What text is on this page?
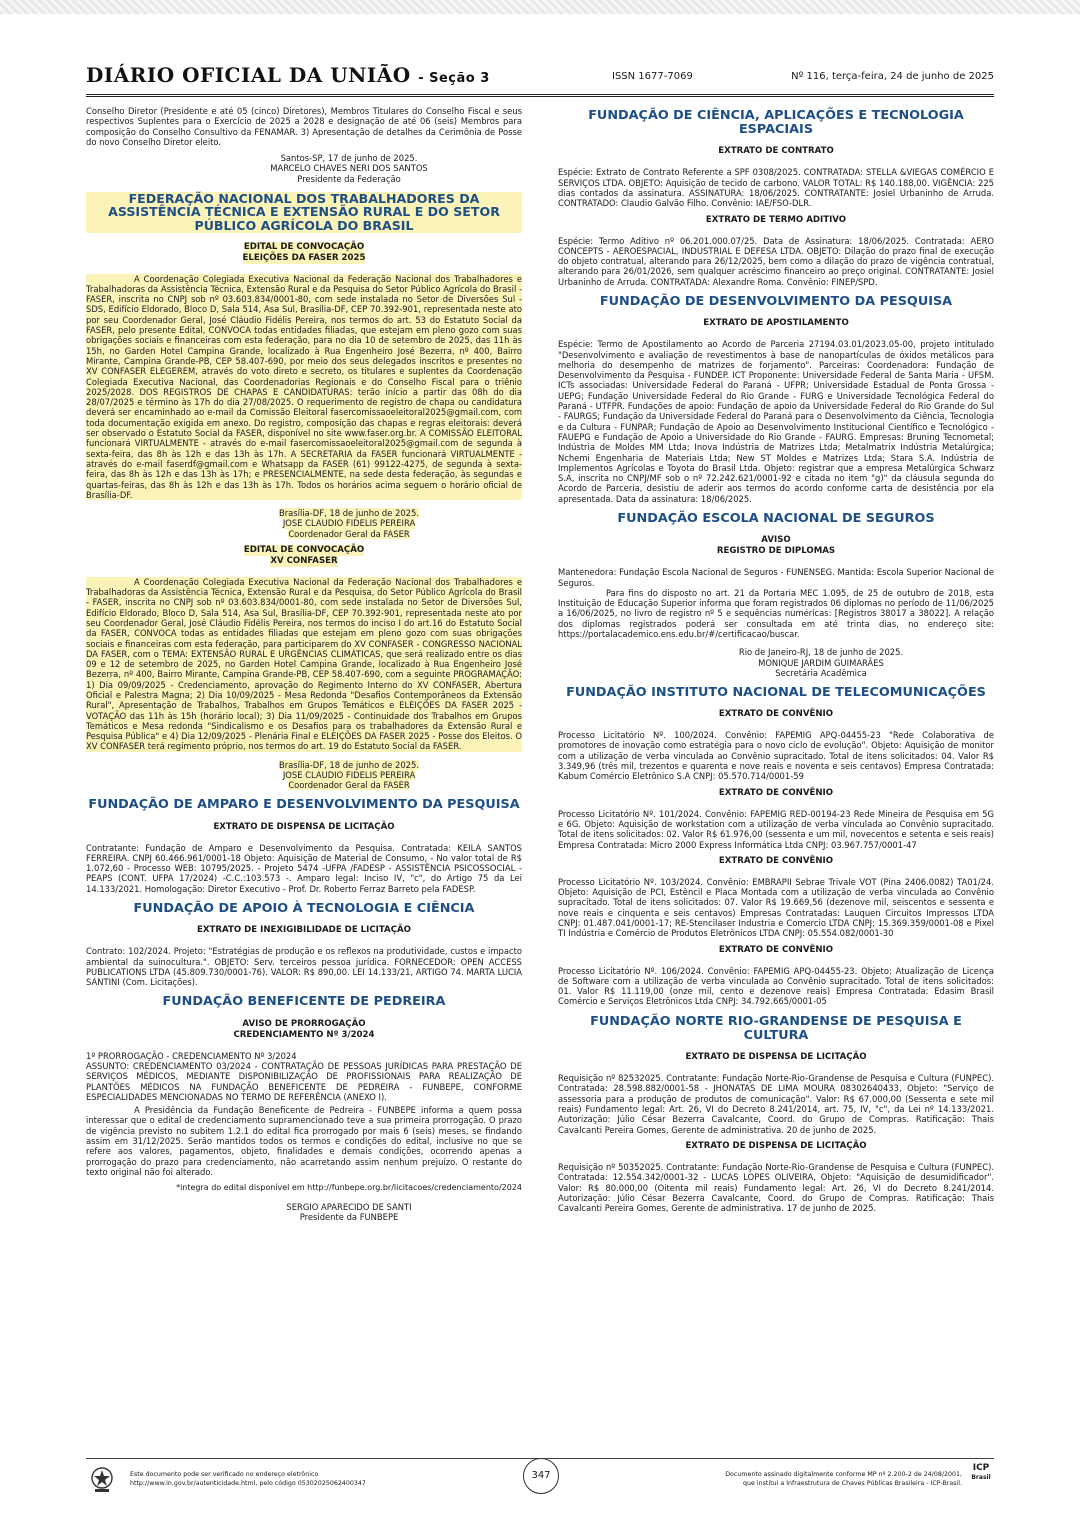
DIÁRIO OFICIAL DA UNIÃO - Seção 3	ISSN 1677-7069	Nº 116, terça-feira, 24 de junho de 2025

Conselho Diretor (Presidente e até 05 (cinco) Diretores), Membros Titulares do Conselho Fiscal e seus respectivos Suplentes para o Exercício de 2025 a 2028 e designação de até 06 (seis) Membros para composição do Conselho Consultivo da FENAMAR. 3) Apresentação de detalhes da Cerimônia de Posse do novo Conselho Diretor eleito.

Santos-SP, 17 de junho de 2025.
MARCELO CHAVES NERI DOS SANTOS
Presidente da Federação
FEDERAÇÃO NACIONAL DOS TRABALHADORES DA ASSISTÊNCIA TÉCNICA E EXTENSÃO RURAL E DO SETOR PÚBLICO AGRÍCOLA DO BRASIL
EDITAL DE CONVOCAÇÃO
ELEIÇÕES DA FASER 2025

A Coordenação Colegiada Executiva Nacional da Federação Nacional dos Trabalhadores e Trabalhadoras da Assistência Técnica, Extensão Rural e da Pesquisa do Setor Público Agrícola do Brasil - FASER, inscrita no CNPJ sob nº 03.603.834/0001-80, com sede instalada no Setor de Diversões Sul - SDS, Edifício Eldorado, Bloco D, Sala 514, Asa Sul, Brasília-DF, CEP 70.392-901, representada neste ato por seu Coordenador Geral, José Cláudio Fidélis Pereira, nos termos do art. 53 do Estatuto Social da FASER, pelo presente Edital, CONVOCA todas entidades filiadas, que estejam em pleno gozo com suas obrigações sociais e financeiras com esta federação, para no dia 10 de setembro de 2025, das 11h às 15h, no Garden Hotel Campina Grande, localizado à Rua Engenheiro José Bezerra, nº 400, Bairro Mirante, Campina Grande-PB, CEP 58.407-690, por meio dos seus delegados inscritos e presentes no XV CONFASER ELEGEREM, através do voto direto e secreto, os titulares e suplentes da Coordenação Colegiada Executiva Nacional, das Coordenadorias Regionais e do Conselho Fiscal para o triênio 2025/2028. DOS REGISTROS DE CHAPAS E CANDIDATURAS: terão início a partir das 08h do dia 28/07/2025 e término às 17h do dia 27/08/2025. O requerimento de registro de chapa ou candidatura deverá ser encaminhado ao e-mail da Comissão Eleitoral fasercomissaoeleitoral2025@gmail.com, com toda documentação exigida em anexo. Do registro, composição das chapas e regras eleitorais: deverá ser observado o Estatuto Social da FASER, disponível no site www.faser.org.br. A COMISSÃO ELEITORAL funcionará VIRTUALMENTE - através do e-mail fasercomissaoeleitoral2025@gmail.com de segunda à sexta-feira, das 8h às 12h e das 13h às 17h. A SECRETARIA da FASER funcionará VIRTUALMENTE - através do e-mail faserdf@gmail.com e Whatsapp da FASER (61) 99122-4275, de segunda à sexta-feira, das 8h às 12h e das 13h às 17h; e PRESENCIALMENTE, na sede desta federação, às segundas e quartas-feiras, das 8h às 12h e das 13h às 17h. Todos os horários acima seguem o horário oficial de Brasília-DF.

Brasília-DF, 18 de junho de 2025.
JOSE CLAUDIO FIDELIS PEREIRA
Coordenador Geral da FASER
EDITAL DE CONVOCAÇÃO
XV CONFASER

A Coordenação Colegiada Executiva Nacional da Federação Nacional dos Trabalhadores e Trabalhadoras da Assistência Técnica, Extensão Rural e da Pesquisa, do Setor Público Agrícola do Brasil - FASER, inscrita no CNPJ sob nº 03.603.834/0001-80, com sede instalada no Setor de Diversões Sul, Edifício Eldorado, Bloco D, Sala 514, Asa Sul, Brasília-DF, CEP 70.392-901, representada neste ato por seu Coordenador Geral, José Cláudio Fidélis Pereira, nos termos do inciso I do art.16 do Estatuto Social da FASER, CONVOCA todas as entidades filiadas que estejam em pleno gozo com suas obrigações sociais e financeiras com esta federação, para participarem do XV CONFASER - CONGRESSO NACIONAL DA FASER, com o TEMA: EXTENSÃO RURAL E URGÊNCIAS CLIMÁTICAS, que será realizado entre os dias 09 e 12 de setembro de 2025, no Garden Hotel Campina Grande, localizado à Rua Engenheiro José Bezerra, nº 400, Bairro Mirante, Campina Grande-PB, CEP 58.407-690, com a seguinte PROGRAMAÇÃO: 1) Dia 09/09/2025 - Credenciamento, aprovação do Regimento Interno do XV CONFASER, Abertura Oficial e Palestra Magna; 2) Dia 10/09/2025 - Mesa Redonda "Desafios Contemporâneos da Extensão Rural", Apresentação de Trabalhos, Trabalhos em Grupos Temáticos e ELEIÇÕES DA FASER 2025 - VOTAÇÃO das 11h às 15h (horário local); 3) Dia 11/09/2025 - Continuidade dos Trabalhos em Grupos Temáticos e Mesa redonda "Sindicalismo e os Desafios para os trabalhadores da Extensão Rural e Pesquisa Pública" e 4) Dia 12/09/2025 - Plenária Final e ELEIÇÕES DA FASER 2025 - Posse dos Eleitos. O XV CONFASER terá regimento próprio, nos termos do art. 19 do Estatuto Social da FASER.

Brasília-DF, 18 de junho de 2025.
JOSE CLAUDIO FIDELIS PEREIRA
Coordenador Geral da FASER
FUNDAÇÃO DE AMPARO E DESENVOLVIMENTO DA PESQUISA
EXTRATO DE DISPENSA DE LICITAÇÃO

Contratante: Fundação de Amparo e Desenvolvimento da Pesquisa. Contratada: KEILA SANTOS FERREIRA. CNPJ 60.466.961/0001-18 Objeto: Aquisição de Material de Consumo, - No valor total de R$ 1.072,60 - Processo WEB: 10795/2025. - Projeto 5474 -UFPA /FADESP - ASSISTÊNCIA PSICOSSOCIAL - PEAPS (CONT. UFPA 17/2024) -C.C.:103.573 -. Amparo legal: Inciso IV, "c", do Artigo 75 da Lei 14.133/2021. Homologação: Diretor Executivo - Prof. Dr. Roberto Ferraz Barreto pela FADESP.

FUNDAÇÃO DE APOIO À TECNOLOGIA E CIÊNCIA
EXTRATO DE INEXIGIBILIDADE DE LICITAÇÃO

Contrato: 102/2024. Projeto: "Estratégias de produção e os reflexos na produtividade, custos e impacto ambiental da suinocultura.". OBJETO: Serv. terceiros pessoa jurídica. FORNECEDOR: OPEN ACCESS PUBLICATIONS LTDA (45.809.730/0001-76). VALOR: R$ 890,00. LEI 14.133/21, ARTIGO 74. MARTA LUCIA SANTINI (Com. Licitações).

FUNDAÇÃO BENEFICENTE DE PEDREIRA
AVISO DE PRORROGAÇÃO
CREDENCIAMENTO Nº 3/2024

1º PRORROGAÇÃO - CREDENCIAMENTO Nº 3/2024

ASSUNTO: CREDENCIAMENTO 03/2024 - CONTRATAÇÃO DE PESSOAS JURÍDICAS PARA PRESTAÇÃO DE SERVIÇOS MÉDICOS, MEDIANTE DISPONIBILIZAÇÃO DE PROFISSIONAIS PARA REALIZAÇÃO DE PLANTÕES MÉDICOS NA FUNDAÇÃO BENEFICENTE DE PEDREIRA - FUNBEPE, CONFORME ESPECIALIDADES MENCIONADAS NO TERMO DE REFERÊNCIA (ANEXO I).

A Presidência da Fundação Beneficente de Pedreira - FUNBEPE informa a quem possa interessar que o edital de credenciamento supramencionado teve a sua primeira prorrogação. O prazo de vigência previsto no subitem 1.2.1 do edital fica prorrogado por mais 6 (seis) meses, se findando assim em 31/12/2025. Serão mantidos todos os termos e condições do edital, inclusive no que se refere aos valores, pagamentos, objeto, finalidades e demais condições, ocorrendo apenas a prorrogação do prazo para credenciamento, não acarretando assim nenhum prejuízo. O restante do texto original não foi alterado.

*integra do edital disponível em http://funbepe.org.br/licitacoes/credenciamento/2024
SERGIO APARECIDO DE SANTI
Presidente da FUNBEPE
FUNDAÇÃO DE CIÊNCIA, APLICAÇÕES E TECNOLOGIA ESPACIAIS
EXTRATO DE CONTRATO

Espécie: Extrato de Contrato Referente a SPF 0308/2025. CONTRATADA: STELLA &VIEGAS COMÉRCIO E SERVIÇOS LTDA. OBJETO: Aquisição de tecido de carbono. VALOR TOTAL: R$ 140.188,00. VIGÊNCIA: 225 dias contados da assinatura. ASSINATURA: 18/06/2025. CONTRATANTE: Josiel Urbaninho de Arruda. CONTRATADO: Claudio Galvão Filho. Convênio: IAE/FSO-DLR.

EXTRATO DE TERMO ADITIVO

Espécie: Termo Aditivo nº 06.201.000.07/25. Data de Assinatura: 18/06/2025. Contratada: AERO CONCEPTS - AEROESPACIAL, INDUSTRIAL E DEFESA LTDA. OBJETO: Dilação do prazo final de execução do objeto contratual, alterando para 26/12/2025, bem como a dilação do prazo de vigência contratual, alterando para 26/01/2026, sem qualquer acréscimo financeiro ao preço original. CONTRATANTE: Josiel Urbaninho de Arruda. CONTRATADA: Alexandre Roma. Convênio: FINEP/SPD.

FUNDAÇÃO DE DESENVOLVIMENTO DA PESQUISA
EXTRATO DE APOSTILAMENTO

Espécie: Termo de Apostilamento ao Acordo de Parceria 27194.03.01/2023.05-00, projeto intitulado "Desenvolvimento e avaliação de revestimentos à base de nanopartículas de óxidos metálicos para melhoria do desempenho de matrizes de forjamento". Parceiras: Coordenadora: Fundação de Desenvolvimento da Pesquisa - FUNDEP. ICT Proponente: Universidade Federal de Santa Maria - UFSM. ICTs associadas: Universidade Federal do Paraná - UFPR; Universidade Estadual de Ponta Grossa - UEPG; Fundação Universidade Federal do Rio Grande - FURG e Universidade Tecnológica Federal do Paraná - UTFPR. Fundações de apoio: Fundação de apoio da Universidade Federal do Rio Grande do Sul - FAURGS; Fundação da Universidade Federal do Paraná para o Desenvolvimento da Ciência, Tecnologia e da Cultura - FUNPAR; Fundação de Apoio ao Desenvolvimento Institucional Científico e Tecnológico - FAUEPG e Fundação de Apoio a Universidade do Rio Grande - FAURG. Empresas: Bruning Tecnometal; Indústria de Moldes MM Ltda; Inova Indústria de Matrizes Ltda; Metalmatrix Indústria Metalúrgica; Nchemi Engenharia de Materiais Ltda; New ST Moldes e Matrizes Ltda; Stara S.A. Indústria de Implementos Agrícolas e Toyota do Brasil Ltda. Objeto: registrar que a empresa Metalúrgica Schwarz S.A, inscrita no CNPJ/MF sob o nº 72.242.621/0001-92 e citada no item "g)" da cláusula segunda do Acordo de Parceria, desistiu de aderir aos termos do acordo conforme carta de desistência por ela apresentada. Data da assinatura: 18/06/2025.

FUNDAÇÃO ESCOLA NACIONAL DE SEGUROS
AVISO
REGISTRO DE DIPLOMAS

Mantenedora: Fundação Escola Nacional de Seguros - FUNENSEG. Mantida: Escola Superior Nacional de Seguros.

Para fins do disposto no art. 21 da Portaria MEC 1.095, de 25 de outubro de 2018, esta Instituição de Educação Superior informa que foram registrados 06 diplomas no período de 11/06/2025 a 16/06/2025, no livro de registro nº 5 e sequências numéricas: [Registros 38017 a 38022]. A relação dos diplomas registrados poderá ser consultada em até trinta dias, no endereço site: https://portalacademico.ens.edu.br/#/certificacao/buscar.

Rio de Janeiro-RJ, 18 de junho de 2025.
MONIQUE JARDIM GUIMARÃES
Secretária Acadêmica
FUNDAÇÃO INSTITUTO NACIONAL DE TELECOMUNICAÇÕES
EXTRATO DE CONVÊNIO

Processo Licitatório Nº. 100/2024. Convênio: FAPEMIG APQ-04455-23 "Rede Colaborativa de promotores de inovação como estratégia para o novo ciclo de evolução". Objeto: Aquisição de monitor com a utilização de verba vinculada ao Convênio supracitado. Total de itens solicitados: 04. Valor R$ 3.349,96 (três mil, trezentos e quarenta e nove reais e noventa e seis centavos) Empresa Contratada: Kabum Comércio Eletrônico S.A CNPJ: 05.570.714/0001-59

EXTRATO DE CONVÊNIO

Processo Licitatório Nº. 101/2024. Convênio: FAPEMIG RED-00194-23 Rede Mineira de Pesquisa em 5G e 6G. Objeto: Aquisição de workstation com a utilização de verba vinculada ao Convênio supracitado. Total de itens solicitados: 02. Valor R$ 61.976,00 (sessenta e um mil, novecentos e setenta e seis reais) Empresa Contratada: Micro 2000 Express Informática Ltda CNPJ: 03.967.757/0001-47

EXTRATO DE CONVÊNIO

Processo Licitatório Nº. 103/2024. Convênio: EMBRAPII Sebrae Trivale VOT (Pina 2406.0082) TA01/24. Objeto: Aquisição de PCI, Estêncil e Placa Montada com a utilização de verba vinculada ao Convênio supracitado. Total de itens solicitados: 07. Valor R$ 19.669,56 (dezenove mil, seiscentos e sessenta e nove reais e cinquenta e seis centavos) Empresas Contratadas: Lauquen Circuitos Impressos LTDA CNPJ: 01.487.041/0001-17; RE-Stencilaser Industria e Comercio LTDA CNPJ: 15.369.359/0001-08 e Pixel TI Indústria e Comércio de Produtos Eletrônicos LTDA CNPJ: 05.554.082/0001-30

EXTRATO DE CONVÊNIO

Processo Licitatório Nº. 106/2024. Convênio: FAPEMIG APQ-04455-23. Objeto: Atualização de Licença de Software com a utilização de verba vinculada ao Convênio supracitado. Total de itens solicitados: 01. Valor R$ 11.119,00 (onze mil, cento e dezenove reais) Empresa Contratada: Edasim Brasil Comércio e Serviços Eletrônicos Ltda CNPJ: 34.792.665/0001-05

FUNDAÇÃO NORTE RIO-GRANDENSE DE PESQUISA E CULTURA
EXTRATO DE DISPENSA DE LICITAÇÃO

Requisição nº 82532025. Contratante: Fundação Norte-Rio-Grandense de Pesquisa e Cultura (FUNPEC). Contratada: 28.598.882/0001-58 - JHONATAS DE LIMA MOURA 08302640433, Objeto: "Serviço de assessoria para a produção de produtos de comunicação". Valor: R$ 67.000,00 (Sessenta e sete mil reais) Fundamento legal: Art. 26, VI do Decreto 8.241/2014, art. 75, IV, "c", da Lei nº 14.133/2021. Autorização: Júlio César Bezerra Cavalcante, Coord. do Grupo de Compras. Ratificação: Thais Cavalcanti Pereira Gomes, Gerente de administrativa. 20 de junho de 2025.

EXTRATO DE DISPENSA DE LICITAÇÃO

Requisição nº 50352025. Contratante: Fundação Norte-Rio-Grandense de Pesquisa e Cultura (FUNPEC). Contratada: 12.554.342/0001-32 - LUCAS LOPES OLIVEIRA, Objeto: "Aquisição de desumidificador". Valor: R$ 80.000,00 (Oitenta mil reais) Fundamento legal: Art. 26, VI do Decreto 8.241/2014. Autorização: Júlio César Bezerra Cavalcante, Coord. do Grupo de Compras. Ratificação: Thais Cavalcanti Pereira Gomes, Gerente de administrativa. 17 de junho de 2025.

Este documento pode ser verificado no endereço eletrônico
http://www.in.gov.br/autenticidade.html, pelo código 05302025062400347
347	Documento assinado digitalmente conforme MP nº 2.200-2 de 24/08/2001,
que institui a Infraestrutura de Chaves Públicas Brasileira - ICP-Brasil.
ICP
Brasil
